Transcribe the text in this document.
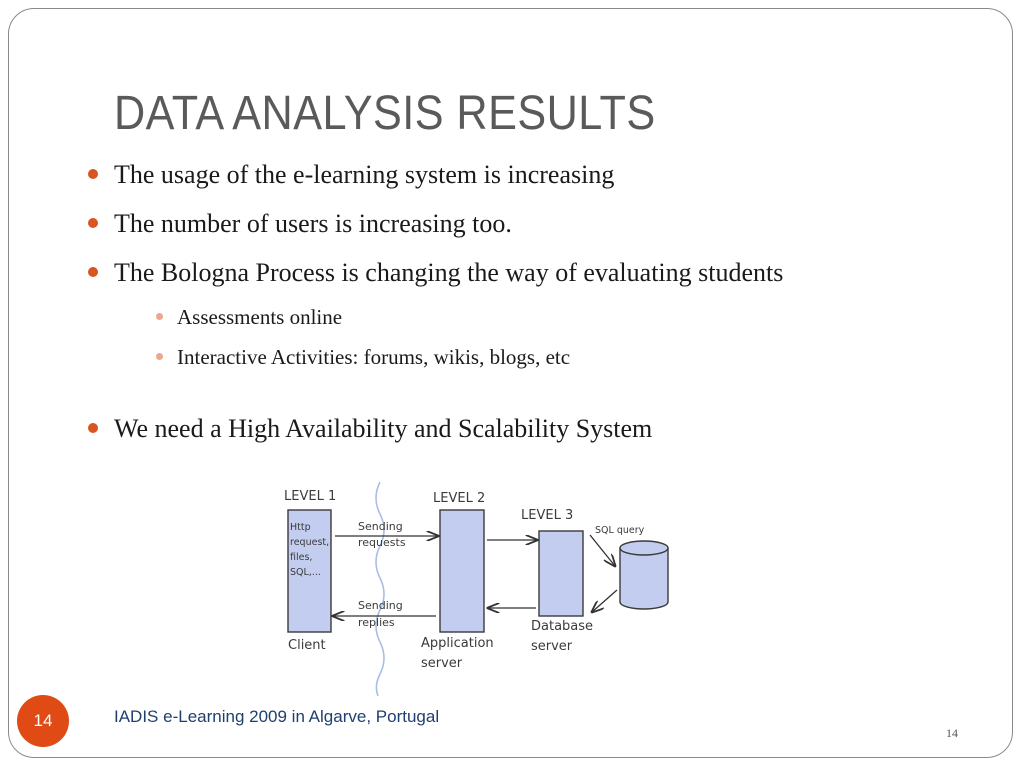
DATA ANALYSIS RESULTS

The usage of the e-learning system is increasing

The number of users is increasing too.

The Bologna Process is changing the way of evaluating students

Assessments online

Interactive Activities: forums, wikis, blogs, etc

We need a High Availability and Scalability System

LEVEL 1	LEVEL 2
LEVEL 3
Http
request,
files,
SQL,...
Sending
requests
Sending
replies
SQL query
Client	Application
server
Database
server
14	IADIS e-Learning 2009 in Algarve, Portugal
14
